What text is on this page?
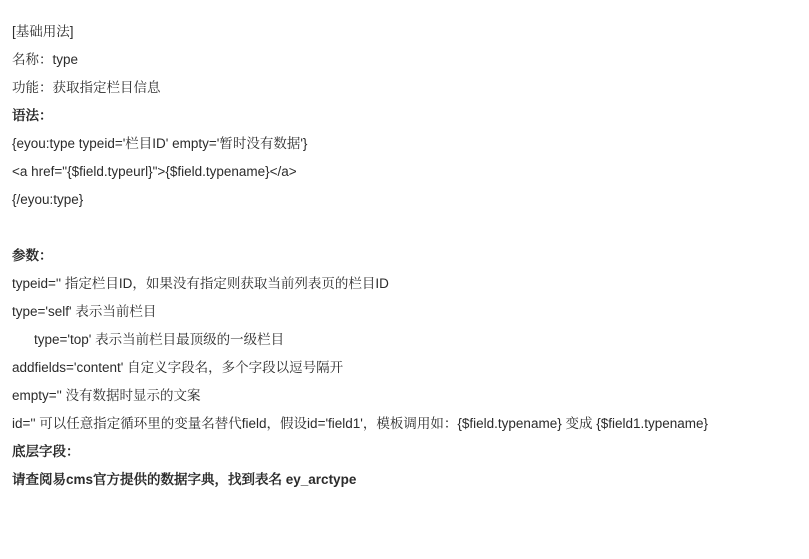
[基础用法]
名称：type
功能：获取指定栏目信息
语法：
{eyou:type typeid='栏目ID' empty='暂时没有数据'}
<a href="{$field.typeurl}">{$field.typename}</a>
{/eyou:type}
参数：
typeid='' 指定栏目ID，如果没有指定则获取当前列表页的栏目ID
type='self' 表示当前栏目
type='top' 表示当前栏目最顶级的一级栏目
addfields='content' 自定义字段名，多个字段以逗号隔开
empty='' 没有数据时显示的文案
id='' 可以任意指定循环里的变量名替代field，假设id='field1'，模板调用如：{$field.typename} 变成 {$field1.typename}
底层字段：
请查阅易cms官方提供的数据字典，找到表名 ey_arctype
